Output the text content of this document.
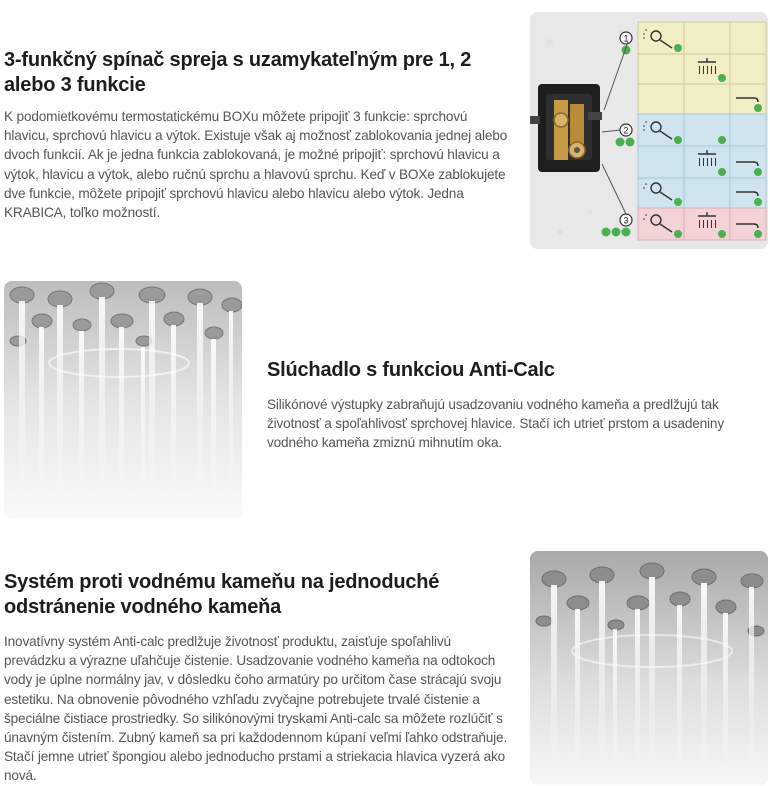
3-funkčný spínač spreja s uzamykateľným pre 1, 2 alebo 3 funkcie

K podomietkovému termostatickému BOXu môžete pripojiť 3 funkcie: sprchovú hlavicu, sprchovú hlavicu a výtok. Existuje však aj možnosť zablokovania jednej alebo dvoch funkcií. Ak je jedna funkcia zablokovaná, je možné pripojiť: sprchovú hlavicu a výtok, hlavicu a výtok, alebo ručnú sprchu a hlavovú sprchu. Keď v BOXe zablokujete dve funkcie, môžete pripojiť sprchovú hlavicu alebo hlavicu alebo výtok. Jedna KRABICA, toľko možností.

1
2
3
Slúchadlo s funkciou Anti-Calc

Silikónové výstupky zabraňujú usadzovaniu vodného kameňa a predlžujú tak životnosť a spoľahlivosť sprchovej hlavice. Stačí ich utrieť prstom a usadeniny vodného kameňa zmiznú mihnutím oka.

Systém proti vodnému kameňu na jednoduché odstránenie vodného kameňa

Inovatívny systém Anti-calc predlžuje životnosť produktu, zaisťuje spoľahlivú prevádzku a výrazne uľahčuje čistenie. Usadzovanie vodného kameňa na odtokoch vody je úplne normálny jav, v dôsledku čoho armatúry po určitom čase strácajú svoju estetiku. Na obnovenie pôvodného vzhľadu zvyčajne potrebujete trvalé čistenie a špeciálne čistiace prostriedky. So silikónovými tryskami Anti-calc sa môžete rozlúčiť s únavným čistením. Zubný kameň sa pri každodennom kúpaní veľmi ľahko odstraňuje. Stačí jemne utrieť špongiou alebo jednoducho prstami a striekacia hlavica vyzerá ako nová.
